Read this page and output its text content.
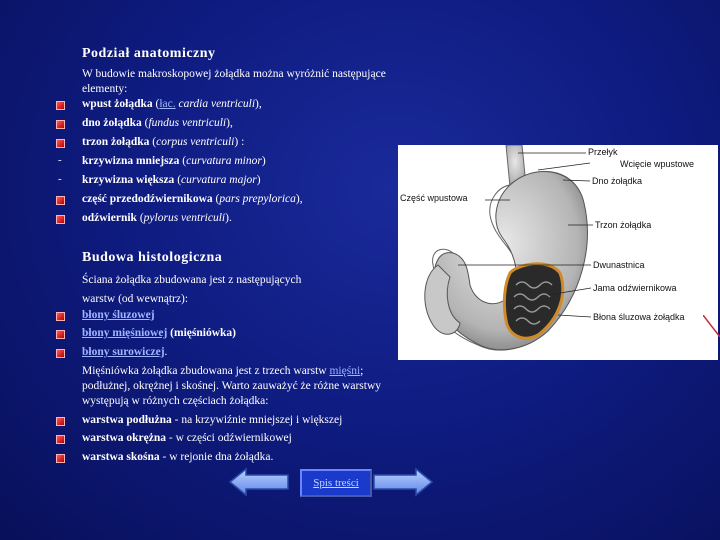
Podział anatomiczny
W budowie makroskopowej żołądka można wyróżnić następujące
elementy:
wpust żołądka (łac. cardia ventriculi),
dno żołądka (fundus ventriculi),
trzon żołądka (corpus ventriculi) :
- krzywizna mniejsza (curvatura minor)
- krzywizna większa (curvatura major)
część przedodźwiernikowa (pars prepylorica),
odźwiernik (pylorus ventriculi).
Budowa histologiczna
Ściana żołądka zbudowana jest z następujących
warstw (od wewnątrz):
błony śluzowej
błony mięśniowej (mięśniówka)
błony surowiczej.
Mięśniówka żołądka zbudowana jest z trzech warstw mięśni;
podłużnej, okrężnej i skośnej. Warto zauważyć że różne warstwy
występują w różnych częściach żołądka:
warstwa podłużna - na krzywiźnie mniejszej i większej
warstwa okrężna - w części odźwiernikowej
warstwa skośna - w rejonie dna żołądka.
Przełyk
Wcięcie wpustowe
Dno żołądka
Część wpustowa
Trzon żołądka
Dwunastnica
Jama odźwiernikowa
Błona śluzowa żołądka
Spis treści
